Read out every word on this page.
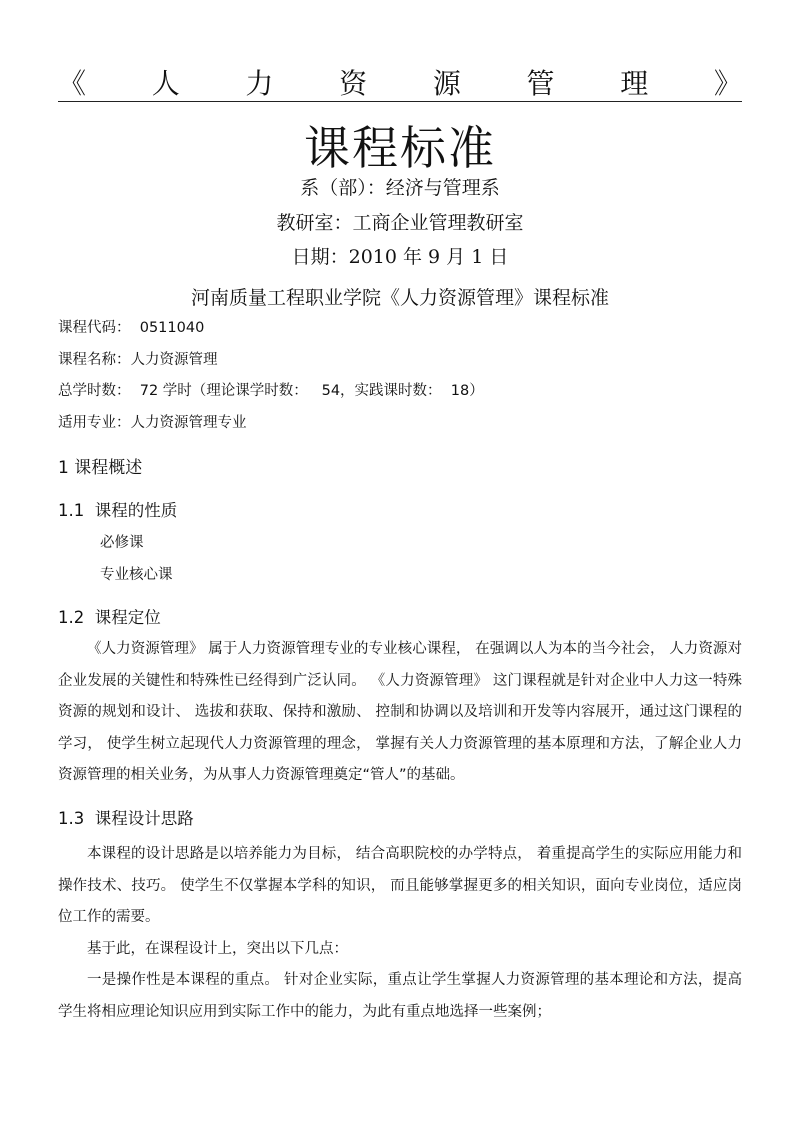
《 人 力 资 源 管 理 》
课程标准
系（部）：经济与管理系
教研室：工商企业管理教研室
日期：2010 年 9 月 1 日
河南质量工程职业学院《人力资源管理》课程标准
课程代码：  0511040
课程名称：人力资源管理
总学时数：  72 学时（理论课学时数：   54，实践课时数：  18）
适用专业：人力资源管理专业
1 课程概述
1.1  课程的性质
必修课
专业核心课
1.2  课程定位

《人力资源管理》 属于人力资源管理专业的专业核心课程， 在强调以人为本的当今社会， 人力资源对企业发展的关键性和特殊性已经得到广泛认同。 《人力资源管理》 这门课程就是针对企业中人力这一特殊资源的规划和设计、 选拔和获取、保持和激励、 控制和协调以及培训和开发等内容展开，通过这门课程的学习， 使学生树立起现代人力资源管理的理念， 掌握有关人力资源管理的基本原理和方法，了解企业人力资源管理的相关业务，为从事人力资源管理奠定“管人”的基础。

1.3  课程设计思路

本课程的设计思路是以培养能力为目标， 结合高职院校的办学特点， 着重提高学生的实际应用能力和操作技术、技巧。 使学生不仅掌握本学科的知识， 而且能够掌握更多的相关知识，面向专业岗位，适应岗位工作的需要。

基于此，在课程设计上，突出以下几点：

一是操作性是本课程的重点。 针对企业实际，重点让学生掌握人力资源管理的基本理论和方法，提高学生将相应理论知识应用到实际工作中的能力，为此有重点地选择一些案例；
